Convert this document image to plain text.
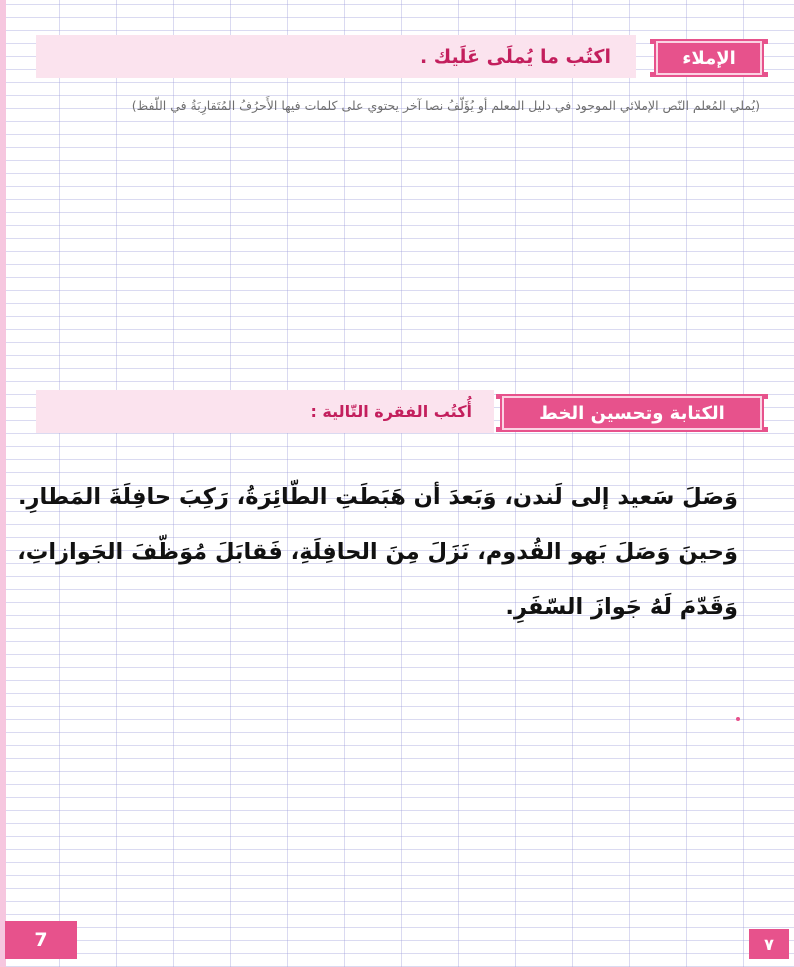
اكتُب ما يُملَى عَلَيك .	الإملاء
(يُملي المُعلم النّص الإملائي الموجود في دليل المعلم أو يُؤَلّفُ نصا آخر يحتوي على كلمات فيها الأَحرُفُ المُتَقارِبَةُ في اللّفظ)
أُكتُب الفقرة التّالية :	الكتابة وتحسين الخط
وَصَلَ سَعيد إلى لَندن، وَبَعدَ أن هَبَطَتِ الطّائِرَةُ، رَكِبَ حافِلَةَ المَطارِ.
وَحينَ وَصَلَ بَهو القُدوم، نَزَلَ مِنَ الحافِلَةِ، فَقابَلَ مُوَظّفَ الجَوازاتِ،
وَقَدّمَ لَهُ جَوازَ السّفَرِ.
7	٧
